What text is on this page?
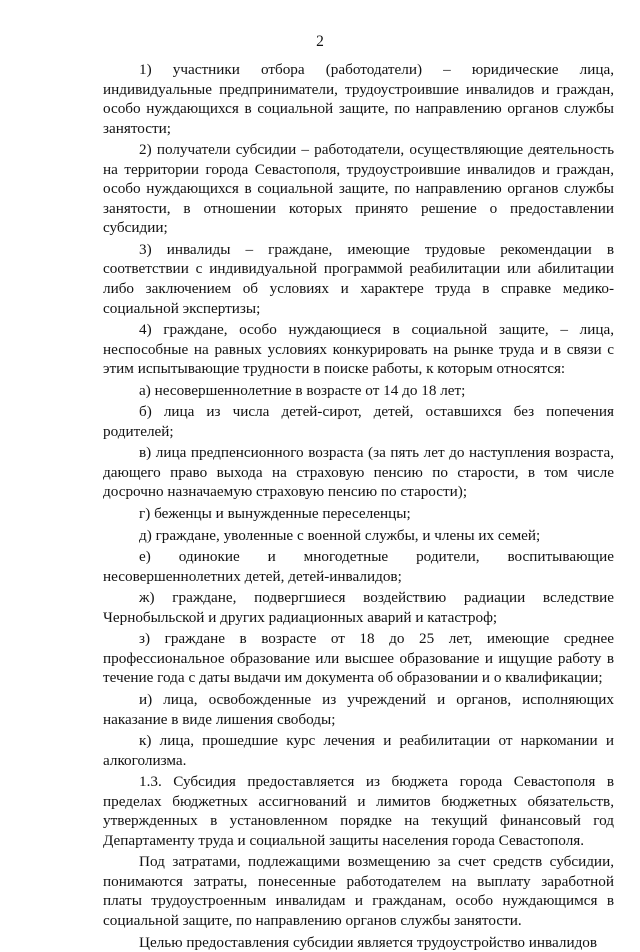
2

1) участники отбора (работодатели) – юридические лица, индивидуальные предприниматели, трудоустроившие инвалидов и граждан, особо нуждающихся в социальной защите, по направлению органов службы занятости;

2) получатели субсидии – работодатели, осуществляющие деятельность на территории города Севастополя, трудоустроившие инвалидов и граждан, особо нуждающихся в социальной защите, по направлению органов службы занятости, в отношении которых принято решение о предоставлении субсидии;

3) инвалиды – граждане, имеющие трудовые рекомендации в соответствии с индивидуальной программой реабилитации или абилитации либо заключением об условиях и характере труда в справке медико-социальной экспертизы;

4) граждане, особо нуждающиеся в социальной защите, – лица, неспособные на равных условиях конкурировать на рынке труда и в связи с этим испытывающие трудности в поиске работы, к которым относятся:

а) несовершеннолетние в возрасте от 14 до 18 лет;

б) лица из числа детей-сирот, детей, оставшихся без попечения родителей;

в) лица предпенсионного возраста (за пять лет до наступления возраста, дающего право выхода на страховую пенсию по старости, в том числе досрочно назначаемую страховую пенсию по старости);

г) беженцы и вынужденные переселенцы;

д) граждане, уволенные с военной службы, и члены их семей;

е) одинокие и многодетные родители, воспитывающие несовершеннолетних детей, детей-инвалидов;

ж) граждане, подвергшиеся воздействию радиации вследствие Чернобыльской и других радиационных аварий и катастроф;

з) граждане в возрасте от 18 до 25 лет, имеющие среднее профессиональное образование или высшее образование и ищущие работу в течение года с даты выдачи им документа об образовании и о квалификации;

и) лица, освобожденные из учреждений и органов, исполняющих наказание в виде лишения свободы;

к) лица, прошедшие курс лечения и реабилитации от наркомании и алкоголизма.

1.3. Субсидия предоставляется из бюджета города Севастополя в пределах бюджетных ассигнований и лимитов бюджетных обязательств, утвержденных в установленном порядке на текущий финансовый год Департаменту труда и социальной защиты населения города Севастополя.

Под затратами, подлежащими возмещению за счет средств субсидии, понимаются затраты, понесенные работодателем на выплату заработной платы трудоустроенным инвалидам и гражданам, особо нуждающимся в социальной защите, по направлению органов службы занятости.

Целью предоставления субсидии является трудоустройство инвалидов
